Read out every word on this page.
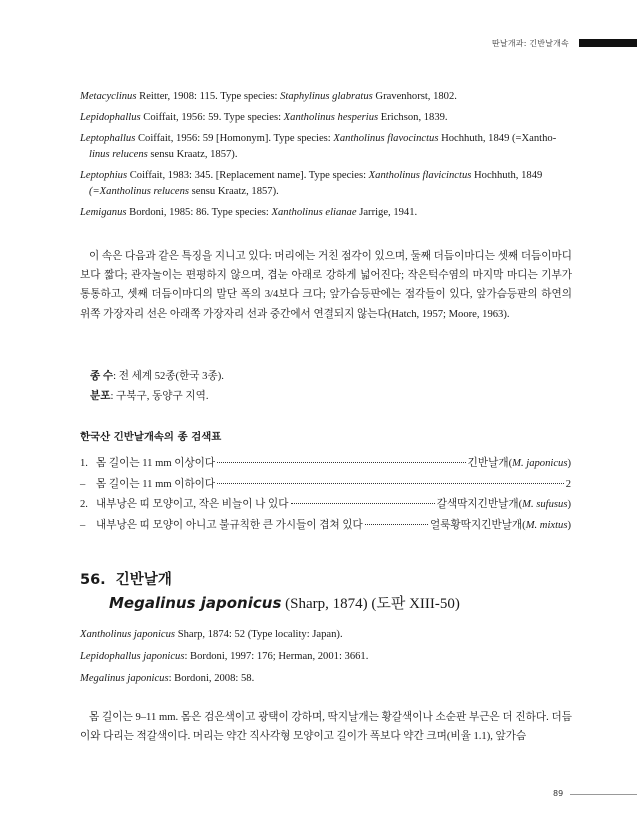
딴날개과: 긴반날개속

Metacyclinus Reitter, 1908: 115. Type species: Staphylinus glabratus Gravenhorst, 1802.

Lepidophallus Coiffait, 1956: 59. Type species: Xantholinus hesperius Erichson, 1839.

Leptophallus Coiffait, 1956: 59 [Homonym]. Type species: Xantholinus flavocinctus Hochhuth, 1849 (=Xantho-
linus relucens sensu Kraatz, 1857).

Leptophius Coiffait, 1983: 345. [Replacement name]. Type species: Xantholinus flavicinctus Hochhuth, 1849
(=Xantholinus relucens sensu Kraatz, 1857).

Lemiganus Bordoni, 1985: 86. Type species: Xantholinus elianae Jarrige, 1941.

이 속은 다음과 같은 특징을 지니고 있다: 머리에는 거친 점각이 있으며, 둘째 더듬이마디는 셋째 더듬이마디보다 짧다; 관자놀이는 편평하지 않으며, 겹눈 아래로 강하게 넓어진다; 작은턱수염의 마지막 마디는 기부가 통통하고, 셋째 더듬이마디의 말단 폭의 3/4보다 크다; 앞가슴등판에는 점각들이 있다, 앞가슴등판의 하연의 위쪽 가장자리 선은 아래쪽 가장자리 선과 중간에서 연결되지 않는다(Hatch, 1957; Moore, 1963).

종 수: 전 세계 52종(한국 3종).

분포: 구북구, 동양구 지역.

한국산 긴반날개속의 종 검색표
1. 몸 길이는 11 mm 이상이다	긴반날개(M. japonicus)
–	몸 길이는 11 mm 이하이다	2
2. 내부낭은 띠 모양이고, 작은 비늘이 나 있다	갈색딱지긴반날개(M. sufusus)
–	내부낭은 띠 모양이 아니고 불규칙한 큰 가시들이 겹쳐 있다	얼룩황딱지긴반날개(M. mixtus)
56. 긴반날개
Megalinus japonicus (Sharp, 1874) (도판 XIII-50)

Xantholinus japonicus Sharp, 1874: 52 (Type locality: Japan).

Lepidophallus japonicus: Bordoni, 1997: 176; Herman, 2001: 3661.

Megalinus japonicus: Bordoni, 2008: 58.

몸 길이는 9–11 mm. 몸은 검은색이고 광택이 강하며, 딱지날개는 황갈색이나 소순판 부근은 더 진하다. 더듬이와 다리는 적갈색이다. 머리는 약간 직사각형 모양이고 길이가 폭보다 약간 크며(비율 1.1), 앞가슴

89
